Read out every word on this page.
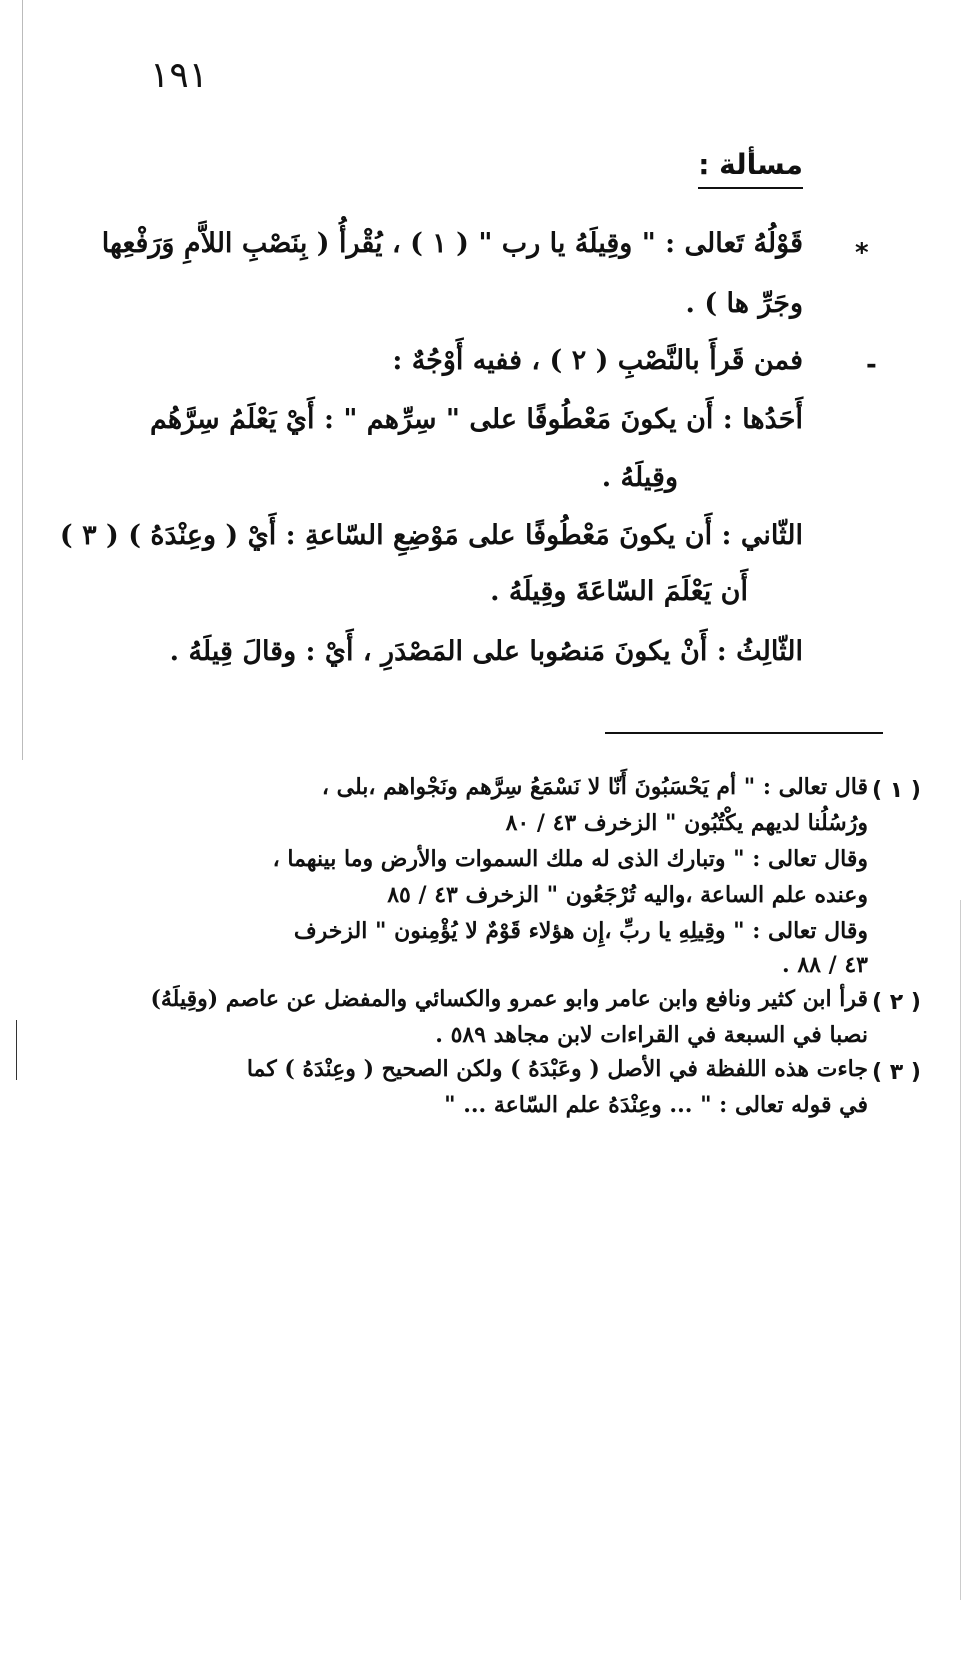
١٩١
مسألة :
*
قَوْلُهُ تَعالى : " وقِيلَهُ يا رب " ( ١ ) ، يُقْرأُ ( بِنَصْبِ اللاَّمِ وَرَفْعِها
وجَرِّ ها ) .
-
فمن قَرأَ بالنَّصْبِ ( ٢ ) ، ففيه أَوْجُهٌ :
أَحَدُها : أَن يكونَ مَعْطُوفًا على " سِرِّهم " : أَيْ يَعْلَمُ سِرَّهُم
وقِيلَهُ .
الثّاني : أَن يكونَ مَعْطُوفًا على مَوْضِعِ السّاعةِ : أَيْ ( وعِنْدَهُ ) ( ٣ )
أَن يَعْلَمَ السّاعَةَ وقِيلَهُ .
الثّالِثُ : أَنْ يكونَ مَنصُوبا على المَصْدَرِ ، أَيْ : وقالَ قِيلَهُ .
( ١ )
قال تعالى : " أم يَحْسَبُونَ أَنّا لا نَسْمَعُ سِرَّهم ونَجْواهم ،بلى ،
ورُسُلُنا لديهم يكْتُبُون " الزخرف ٤٣ / ٨٠
وقال تعالى : " وتبارك الذى له ملك السموات والأرض وما بينهما ،
وعنده علم الساعة ،واليه تُرْجَعُون " الزخرف ٤٣ / ٨٥
وقال تعالى : " وقِيلِهِ يا ربِّ ،إِن هؤلاء قَوْمٌ لا يُؤْمِنون " الزخرف
٤٣ / ٨٨ .
( ٢ )
قرأ ابن كثير ونافع وابن عامر وابو عمرو والكسائي والمفضل عن عاصم (وقِيلَهُ)
نصبا في السبعة في القراءات لابن مجاهد ٥٨٩ .
( ٣ )
جاءت هذه اللفظة في الأصل ( وعَبْدَهُ ) ولكن الصحيح ( وعِنْدَهُ ) كما
في قوله تعالى : " ... وعِنْدَهُ علم السّاعة ... "
